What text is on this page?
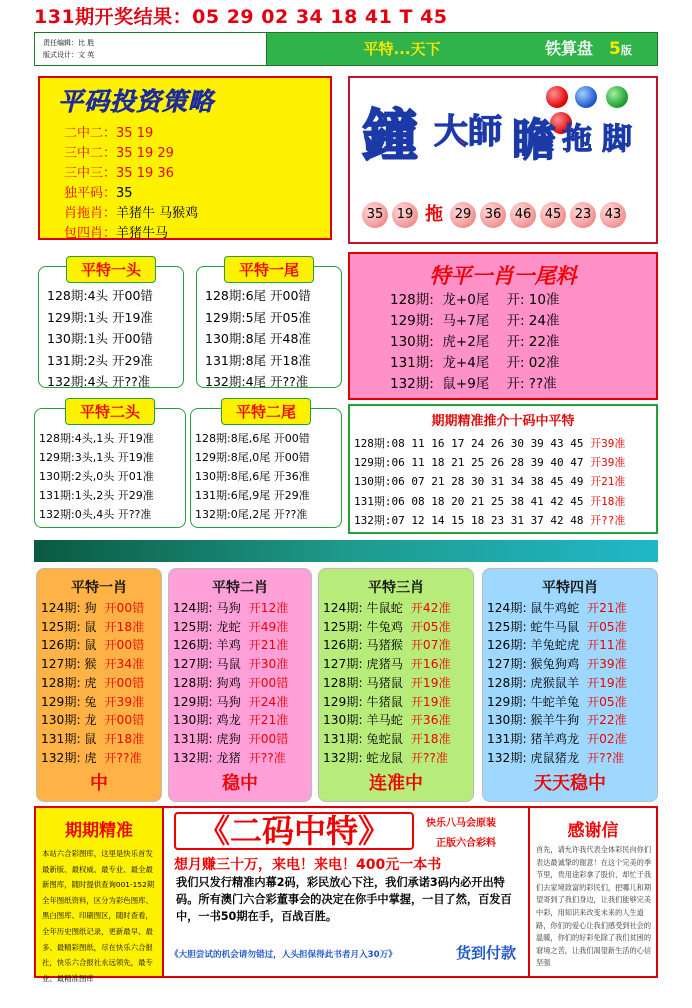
131期开奖结果：05 29 02 34 18 41 T 45
责任编辑：比 胜
版式设计：文 英	平特...天下	铁算盘 5版
平码投资策略
二中二：35 19
三中二：35 19 29
三中三：35 19 36
独平码：35
肖拖肖：羊猪牛 马猴鸡
包四肖：羊猪牛马

鐘 大師 瞻 拖 脚
35	19 拖 29	36	46	45	23	43
平特一头
128期:4头 开00错
129期:1头 开19准
130期:1头 开00错
131期:2头 开29准
132期:4头 开??准
平特一尾
128期:6尾 开00错
129期:5尾 开05准
130期:8尾 开48准
131期:8尾 开18准
132期:4尾 开??准
特平一肖一尾料
128期:  龙+0尾    开: 10准
129期:  马+7尾    开: 24准
130期:  虎+2尾    开: 22准
131期:  龙+4尾    开: 02准
132期:  鼠+9尾    开: ??准
平特二头
128期:4头,1头 开19准
129期:3头,1头 开19准
130期:2头,0头 开01准
131期:1头,2头 开29准
132期:0头,4头 开??准
平特二尾
128期:8尾,6尾 开00错
129期:8尾,0尾 开00错
130期:8尾,6尾 开36准
131期:6尾,9尾 开29准
132期:0尾,2尾 开??准
期期精准推介十码中平特
128期:08 11 16 17 24 26 30 39 43 45 开39准
129期:06 11 18 21 25 26 28 39 40 47 开39准
130期:06 07 21 28 30 31 34 38 45 49 开21准
131期:06 08 18 20 21 25 38 41 42 45 开18准
132期:07 12 14 15 18 23 31 37 42 48 开??准
平特一肖
124期: 狗 开00错
125期: 鼠 开18准
126期: 鼠 开00错
127期: 猴 开34准
128期: 虎 开00错
129期: 兔 开39准
130期: 龙 开00错
131期: 鼠 开18准
132期: 虎 开??准
中
平特二肖
124期: 马狗 开12准
125期: 龙蛇 开49准
126期: 羊鸡 开21准
127期: 马鼠 开30准
128期: 狗鸡 开00错
129期: 马狗 开24准
130期: 鸡龙 开21准
131期: 虎狗 开00错
132期: 龙猪 开??准
稳中
平特三肖
124期: 牛鼠蛇 开42准
125期: 牛兔鸡 开05准
126期: 马猪猴 开07准
127期: 虎猪马 开16准
128期: 马猪鼠 开19准
129期: 牛猪鼠 开19准
130期: 羊马蛇 开36准
131期: 兔蛇鼠 开18准
132期: 蛇龙鼠 开??准
连准中
平特四肖
124期: 鼠牛鸡蛇 开21准
125期: 蛇牛马鼠 开05准
126期: 羊兔蛇虎 开11准
127期: 猴兔狗鸡 开39准
128期: 虎猴鼠羊 开19准
129期: 牛蛇羊兔 开05准
130期: 猴羊牛狗 开22准
131期: 猪羊鸡龙 开02准
132期: 虎鼠猪龙 开??准
天天稳中
期期精准
本站六合彩图库，这里是快乐首发最新版、最权威、最专业、最全最新图库，随时提供查询001-152期全年图纸资料，区分为彩色图库、黑白图库、印刷图区，随时查看，全年历史图纸记录，更新最早、最多、最精彩图纸，尽在快乐六合报社，快乐六合报社永远领先，最专业、最精准图库
《二码中特》	快乐八马会原装
正版六合彩料
想月赚三十万，来电！来电！400元一本书
我们只发行精准内幕2码，彩民放心下注，我们承诺3码内必开出特码。所有澳门六合彩董事会的决定在你手中掌握，一目了然，百发百中，一书50期在手，百战百胜。
《大胆尝试的机会请勿错过，人头担保得此书者月入30万》	货到付款
感谢信
首先，请允许我代表全体彩民向你们表达最诚挚的谢意！在这个完美的季节里，贵用途彩拿了股价，却忙于我们去家境致富的彩民们，把哪儿和期望寄到了我们身边，让我们能够完美中彩，用知识来改变未来的人生道路，你们的爱心让我们感受到社会的温暖，你们的好彩免除了我们贫困的窘境之苦，让我们渴望新生活的心信坚强
